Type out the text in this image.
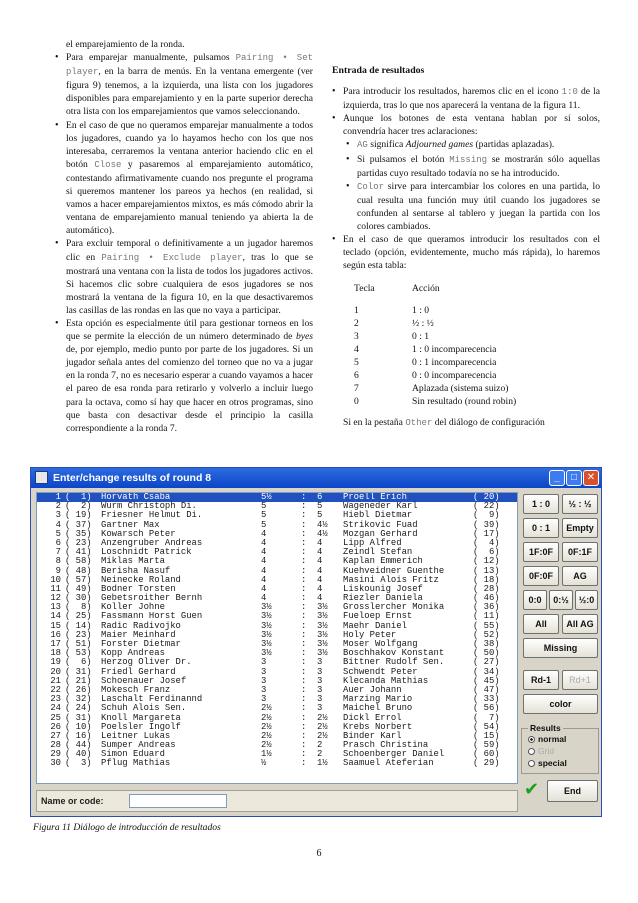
el emparejamiento de la ronda.
• Para emparejar manualmente, pulsamos Pairing • Set player, en la barra de menús. En la ventana emergente (ver figura 9) tenemos, a la izquierda, una lista con los jugadores disponibles para emparejamiento y en la parte superior derecha otra lista con los emparejamientos que vamos seleccionando.
• En el caso de que no queramos emparejar manualmente a todos los jugadores, cuando ya lo hayamos hecho con los que nos interesaba, cerraremos la ventana anterior haciendo clic en el botón Close y pasaremos al emparejamiento automático, contestando afirmativamente cuando nos pregunte el programa si queremos mantener los pareos ya hechos (en realidad, si vamos a hacer emparejamientos mixtos, es más cómodo abrir la ventana de emparejamiento manual teniendo ya abierta la de automático).
• Para excluir temporal o definitivamente a un jugador haremos clic en Pairing • Exclude player, tras lo que se mostrará una ventana con la lista de todos los jugadores activos. Si hacemos clic sobre cualquiera de esos jugadores se nos mostrará la ventana de la figura 10, en la que desactivaremos las casillas de las rondas en las que no vaya a participar.
• Esta opción es especialmente útil para gestionar torneos en los que se permite la elección de un número determinado de byes de, por ejemplo, medio punto por parte de los jugadores. Si un jugador señala antes del comienzo del torneo que no va a jugar en la ronda 7, no es necesario esperar a cuando vayamos a hacer el pareo de esa ronda para retirarlo y volverlo a incluir luego para la octava, como sí hay que hacer en otros programas, sino que basta con desactivar desde el principio la casilla correspondiente a la ronda 7.
Entrada de resultados
• Para introducir los resultados, haremos clic en el icono 1:0 de la izquierda, tras lo que nos aparecerá la ventana de la figura 11.
• Aunque los botones de esta ventana hablan por sí solos, convendría hacer tres aclaraciones:
• AG significa Adjourned games (partidas aplazadas).
• Si pulsamos el botón Missing se mostrarán sólo aquellas partidas cuyo resultado todavía no se ha introducido.
• Color sirve para intercambiar los colores en una partida, lo cual resulta una función muy útil cuando los jugadores se confunden al sentarse al tablero y juegan la partida con los colores cambiados.
• En el caso de que queramos introducir los resultados con el teclado (opción, evidentemente, mucho más rápida), lo haremos según esta tabla:
Tecla	Acción
1	1 : 0
2	½ : ½
3	0 : 1
4	1 : 0 incomparecencia
5	0 : 1 incomparecencia
6	0 : 0 incomparecencia
7	Aplazada (sistema suizo)
0	Sin resultado (round robin)
Si en la pestaña Other del diálogo de configuración
Enter/change results of round 8	_	□ ✕
1 (  1) Horvath Csaba	5½	: 6 Proell Erich	( 20)
2 (  2) Wurm Christoph Di.	5	: 5 Wageneder Karl	( 22)
3 ( 19) Friesner Helmut Di.	5	: 5 Hiebl Dietmar	(  9)
4 ( 37) Gartner Max	5	: 4½ Strikovic Fuad	( 39)
5 ( 35) Kowarsch Peter	4	: 4½ Mozgan Gerhard	( 17)
6 ( 23) Anzengruber Andreas	4	: 4 Lipp Alfred	(  4)
7 ( 41) Loschnidt Patrick	4	: 4 Zeindl Stefan	(  6)
8 ( 58) Miklas Marta	4	: 4 Kaplan Emmerich	( 12)
9 ( 48) Berisha Nasuf	4	: 4 Kuehveidner Guenthe	( 13)
10 ( 57) Neinecke Roland	4	: 4 Masini Alois Fritz	( 18)
11 ( 49) Bodner Torsten	4	: 4 Liskounig Josef	( 28)
12 ( 30) Gebetsroither Bernh	4	: 4 Riezler Daniela	( 46)
13 (  8) Koller Johne	3½	: 3½ Grosslercher Monika	( 36)
14 ( 25) Fassmann Horst Guen	3½	: 3½ Fueloep Ernst	( 11)
15 ( 14) Radic Radivojko	3½	: 3½ Maehr Daniel	( 55)
16 ( 23) Maier Meinhard	3½	: 3½ Holy Peter	( 52)
17 ( 51) Forster Dietmar	3½	: 3½ Moser Wolfgang	( 38)
18 ( 53) Kopp Andreas	3½	: 3½ Boschhakov Konstant	( 50)
19 (  6) Herzog Oliver Dr.	3	: 3 Bittner Rudolf Sen.	( 27)
20 ( 31) Friedl Gerhard	3	: 3 Schwendt Peter	( 34)
21 ( 21) Schoenauer Josef	3	: 3 Klecanda Mathias	( 45)
22 ( 26) Mokesch Franz	3	: 3 Auer Johann	( 47)
23 ( 32) Laschalt Ferdinannd	3	: 3 Marzing Mario	( 33)
24 ( 24) Schuh Alois Sen.	2½	: 3 Maichel Bruno	( 56)
25 ( 31) Knoll Margareta	2½	: 2½ Dickl Errol	(  7)
26 ( 10) Poelsler Ingolf	2½	: 2½ Krebs Norbert	( 54)
27 ( 16) Leitner Lukas	2½	: 2½ Binder Karl	( 15)
28 ( 44) Sumper Andreas	2½	: 2 Prasch Christina	( 59)
29 ( 40) Simon Eduard	1½	: 2 Schoenberger Daniel	( 60)
30 (  3) Pflug Mathias	½	: 1½ Saamuel Ateferian	( 29)
Name or code:
1 : 0	½ : ½
0 : 1	Empty
1F:0F	0F:1F
0F:0F	AG
0:0	0:½	½:0
All	All AG
Missing
Rd-1	Rd+1
color
Results
normal
Grid
special
✔	End
Figura 11 Diálogo de introducción de resultados
6
